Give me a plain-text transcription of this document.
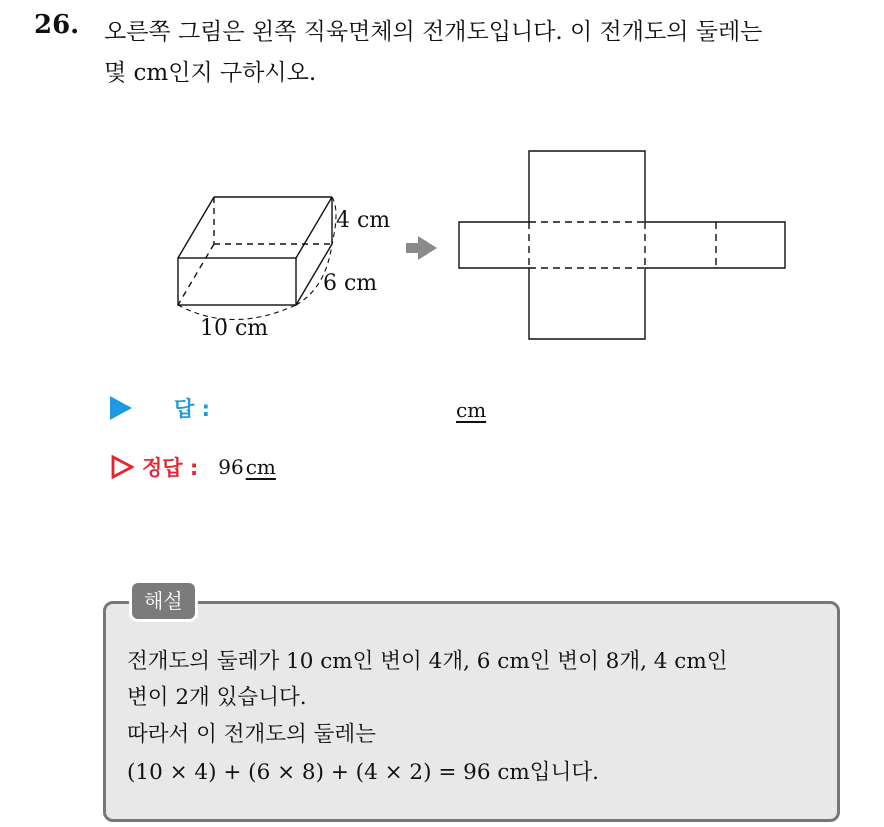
26. 오른쪽 그림은 왼쪽 직육면체의 전개도입니다. 이 전개도의 둘레는
몇 cm인지 구하시오.
4 cm
6 cm
10 cm
답 :	cm
정답 : 96 cm
해설
전개도의 둘레가 10 cm인 변이 4개, 6 cm인 변이 8개, 4 cm인
변이 2개 있습니다.
따라서 이 전개도의 둘레는
(10 × 4) + (6 × 8) + (4 × 2) = 96 cm입니다.
